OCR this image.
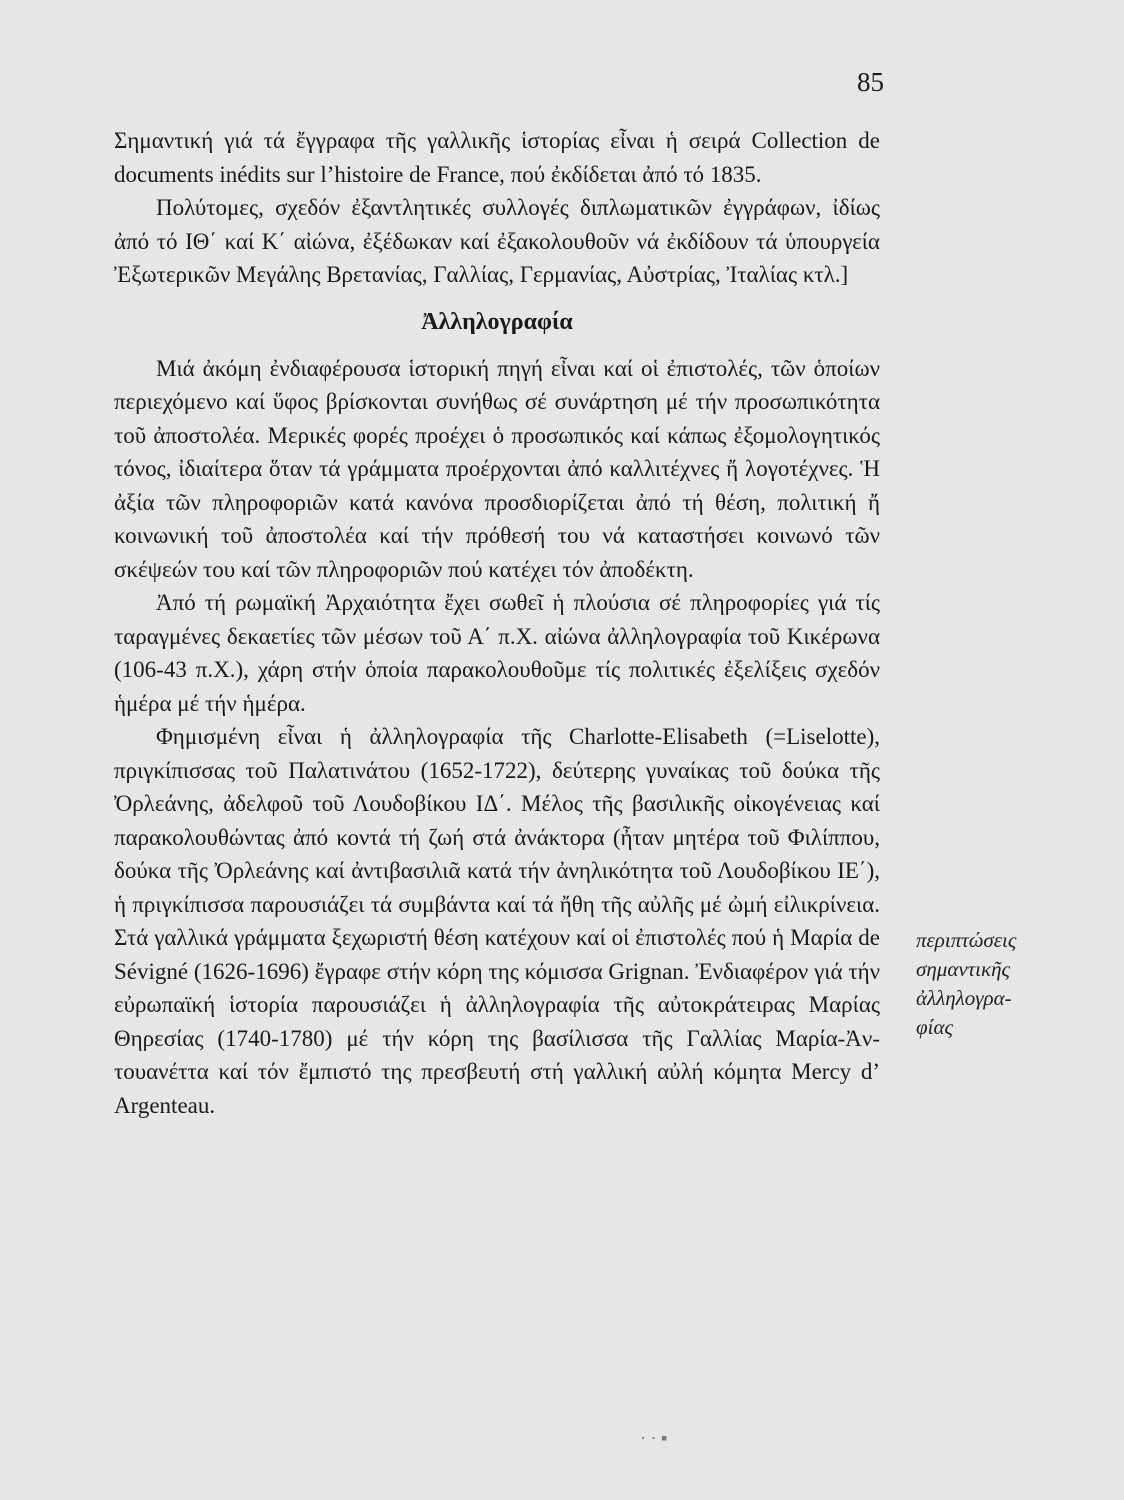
85

Σημαντική γιά τά ἔγγραφα τῆς γαλλικῆς ἱστορίας εἶναι ἡ σειρά Collection de documents inédits sur l’histoire de France, πού ἐκδίδεται ἀπό τό 1835.

Πολύτομες, σχεδόν ἐξαντλητικές συλλογές διπλωματικῶν ἐγγράφων, ἰδίως ἀπό τό ΙΘ΄ καί Κ΄ αἰώνα, ἐξέδωκαν καί ἐξακολουθοῦν νά ἐκδίδουν τά ὑπουργεία Ἐξωτερικῶν Μεγάλης Βρετανίας, Γαλλίας, Γερμανίας, Αὐστρίας, Ἰταλίας κτλ.]

Ἀλληλογραφία

Μιά ἀκόμη ἐνδιαφέρουσα ἱστορική πηγή εἶναι καί οἱ ἐπιστολές, τῶν ὁποίων περιεχόμενο καί ὕφος βρίσκονται συνήθως σέ συνάρτηση μέ τήν προσωπικότητα τοῦ ἀποστολέα. Μερικές φορές προέχει ὁ προσωπικός καί κάπως ἐξομολογητικός τόνος, ἰδιαίτερα ὅταν τά γράμματα προέρχονται ἀπό καλλιτέχνες ἤ λογοτέχνες. Ἡ ἀξία τῶν πληροφοριῶν κατά κανόνα προσδιορίζεται ἀπό τή θέση, πολιτική ἤ κοινωνική τοῦ ἀποστολέα καί τήν πρόθεσή του νά καταστήσει κοινωνό τῶν σκέψεών του καί τῶν πληροφοριῶν πού κατέχει τόν ἀποδέκτη.

Ἀπό τή ρωμαϊκή Ἀρχαιότητα ἔχει σωθεῖ ἡ πλούσια σέ πληροφορίες γιά τίς ταραγμένες δεκαετίες τῶν μέσων τοῦ Α΄ π.Χ. αἰώνα ἀλληλογραφία τοῦ Κικέρωνα (106-43 π.Χ.), χάρη στήν ὁποία παρακολουθοῦμε τίς πολιτικές ἐξελίξεις σχεδόν ἡμέρα μέ τήν ἡμέρα.

Φημισμένη εἶναι ἡ ἀλληλογραφία τῆς Charlotte-Elisabeth (=Liselotte), πριγκίπισσας τοῦ Παλατινάτου (1652-1722), δεύτερης γυναίκας τοῦ δούκα τῆς Ὀρλεάνης, ἀδελφοῦ τοῦ Λουδοβίκου ΙΔ΄. Μέλος τῆς βασιλικῆς οἰκογένειας καί παρακολουθώντας ἀπό κοντά τή ζωή στά ἀνάκτορα (ἦταν μητέρα τοῦ Φιλίππου, δούκα τῆς Ὀρλεάνης καί ἀντιβασιλιᾶ κατά τήν ἀνηλικότητα τοῦ Λουδοβίκου ΙΕ΄), ἡ πριγκίπισσα παρουσιάζει τά συμβάντα καί τά ἤθη τῆς αὐλῆς μέ ὠμή εἰλικρίνεια. Στά γαλλικά γράμματα ξεχωριστή θέση κατέχουν καί οἱ ἐπιστολές πού ἡ Μαρία de Sévigné (1626-1696) ἔγραφε στήν κόρη της κόμισσα Grignan. Ἐνδιαφέρον γιά τήν εὐρωπαϊκή ἱστορία παρουσιάζει ἡ ἀλληλογραφία τῆς αὐτοκράτειρας Μαρίας Θηρεσίας (1740-1780) μέ τήν κόρη της βασίλισσα τῆς Γαλλίας Μαρία-Ἀντουανέττα καί τόν ἔμπιστό της πρεσβευτή στή γαλλική αὐλή κόμητα Mercy d’ Argenteau.

περιπτώσεις
σημαντικῆς
ἀλληλογρα-
φίας

· · ▪
